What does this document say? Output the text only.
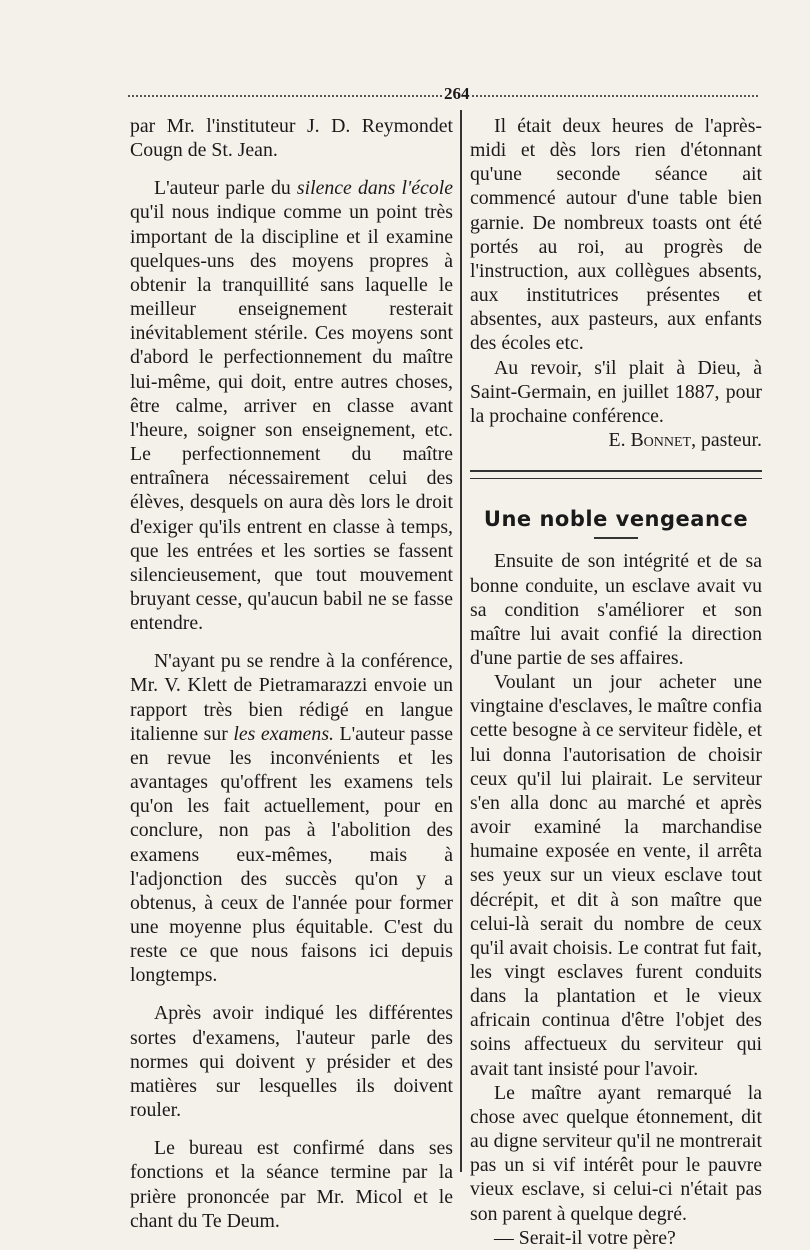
264

par Mr. l'instituteur J. D. Reymondet Cougn de St. Jean.

L'auteur parle du silence dans l'école qu'il nous indique comme un point très important de la discipline et il examine quelques-uns des moyens propres à obtenir la tranquillité sans laquelle le meilleur enseignement resterait inévitablement stérile. Ces moyens sont d'abord le perfectionnement du maître lui-même, qui doit, entre autres choses, être calme, arriver en classe avant l'heure, soigner son enseignement, etc. Le perfectionnement du maître entraînera nécessairement celui des élèves, desquels on aura dès lors le droit d'exiger qu'ils entrent en classe à temps, que les entrées et les sorties se fassent silencieusement, que tout mouvement bruyant cesse, qu'aucun babil ne se fasse entendre.

N'ayant pu se rendre à la conférence, Mr. V. Klett de Pietramarazzi envoie un rapport très bien rédigé en langue italienne sur les examens. L'auteur passe en revue les inconvénients et les avantages qu'offrent les examens tels qu'on les fait actuellement, pour en conclure, non pas à l'abolition des examens eux-mêmes, mais à l'adjonction des succès qu'on y a obtenus, à ceux de l'année pour former une moyenne plus équitable. C'est du reste ce que nous faisons ici depuis longtemps.

Après avoir indiqué les différentes sortes d'examens, l'auteur parle des normes qui doivent y présider et des matières sur lesquelles ils doivent rouler.

Le bureau est confirmé dans ses fonctions et la séance termine par la prière prononcée par Mr. Micol et le chant du Te Deum.

Il était deux heures de l'après-midi et dès lors rien d'étonnant qu'une seconde séance ait commencé autour d'une table bien garnie. De nombreux toasts ont été portés au roi, au progrès de l'instruction, aux collègues absents, aux institutrices présentes et absentes, aux pasteurs, aux enfants des écoles etc.

Au revoir, s'il plait à Dieu, à Saint-Germain, en juillet 1887, pour la prochaine conférence.

E. Bonnet, pasteur.

Une noble vengeance

Ensuite de son intégrité et de sa bonne conduite, un esclave avait vu sa condition s'améliorer et son maître lui avait confié la direction d'une partie de ses affaires.

Voulant un jour acheter une vingtaine d'esclaves, le maître confia cette besogne à ce serviteur fidèle, et lui donna l'autorisation de choisir ceux qu'il lui plairait. Le serviteur s'en alla donc au marché et après avoir examiné la marchandise humaine exposée en vente, il arrêta ses yeux sur un vieux esclave tout décrépit, et dit à son maître que celui-là serait du nombre de ceux qu'il avait choisis. Le contrat fut fait, les vingt esclaves furent conduits dans la plantation et le vieux africain continua d'être l'objet des soins affectueux du serviteur qui avait tant insisté pour l'avoir.

Le maître ayant remarqué la chose avec quelque étonnement, dit au digne serviteur qu'il ne montrerait pas un si vif intérêt pour le pauvre vieux esclave, si celui-ci n'était pas son parent à quelque degré.

— Serait-il votre père?
